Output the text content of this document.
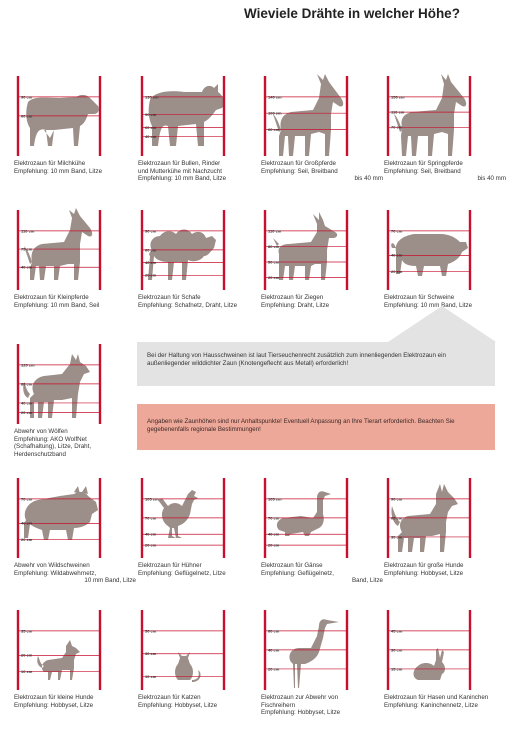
Wieviele Drähte in welcher Höhe?
90 cm
60 cm
Elektrozaun für Milchkühe
Empfehlung: 10 mm Band, Litze
130 cm
90 cm
60 cm
40 cm
Elektrozaun für Bullen, Rinder
und Mutterkühe mit Nachzucht
Empfehlung: 10 mm Band, Litze
140 cm
100 cm
60 cm
Elektrozaun für Großpferde
Empfehlung: Seil, Breitband
bis 40 mm
150 cm
110 cm
70 cm
Elektrozaun für Springpferde
Empfehlung: Seil, Breitband
bis 40 mm
110 cm
75 cm
40 cm
Elektrozaun für Kleinpferde
Empfehlung: 10 mm Band, Seil
90 cm
60 cm
40 cm
20 cm
Elektrozaun für Schafe
Empfehlung: Schafnetz, Draht, Litze
110 cm
80 cm
50 cm
20 cm
Elektrozaun für Ziegen
Empfehlung: Draht, Litze
70 cm
40 cm
20 cm
Elektrozaun für Schweine
Empfehlung: 10 mm Band, Litze
120 cm
80 cm
40 cm
20 cm
Abwehr von Wölfen
Empfehlung: AKO WolfNet
(Schafhaltung), Litze, Draht,
Herdenschutzband
70 cm
40 cm
20 cm
Abwehr von Wildschweinen
Empfehlung: Wildabwehrnetz,
10 mm Band, Litze
105 cm
70 cm
40 cm
20 cm
Elektrozaun für Hühner
Empfehlung: Geflügelnetz, Litze
105 cm
70 cm
40 cm
20 cm
Elektrozaun für Gänse
Empfehlung: Geflügelnetz,
Band, Litze
90 cm
60 cm
30 cm
Elektrozaun für große Hunde
Empfehlung: Hobbyset, Litze
35 cm
20 cm
10 cm
Elektrozaun für kleine Hunde
Empfehlung: Hobbyset, Litze
50 cm
30 cm
10 cm
Elektrozaun für Katzen
Empfehlung: Hobbyset, Litze
60 cm
40 cm
20 cm
Elektrozaun zur Abwehr von
Fischreihern
Empfehlung: Hobbyset, Litze
45 cm
30 cm
15 cm
Elektrozaun für Hasen und Kaninchen
Empfehlung: Kaninchennetz, Litze
Bei der Haltung von Hausschweinen ist laut Tierseuchenrecht zusätzlich zum innenliegenden Elektrozaun ein außenliegender wilddichter Zaun (Knotengeflecht aus Metall) erforderlich!
Angaben wie Zaunhöhen sind nur Anhaltspunkte! Eventuell Anpassung an Ihre Tierart erforderlich. Beachten Sie gegebenenfalls regionale Bestimmungen!
